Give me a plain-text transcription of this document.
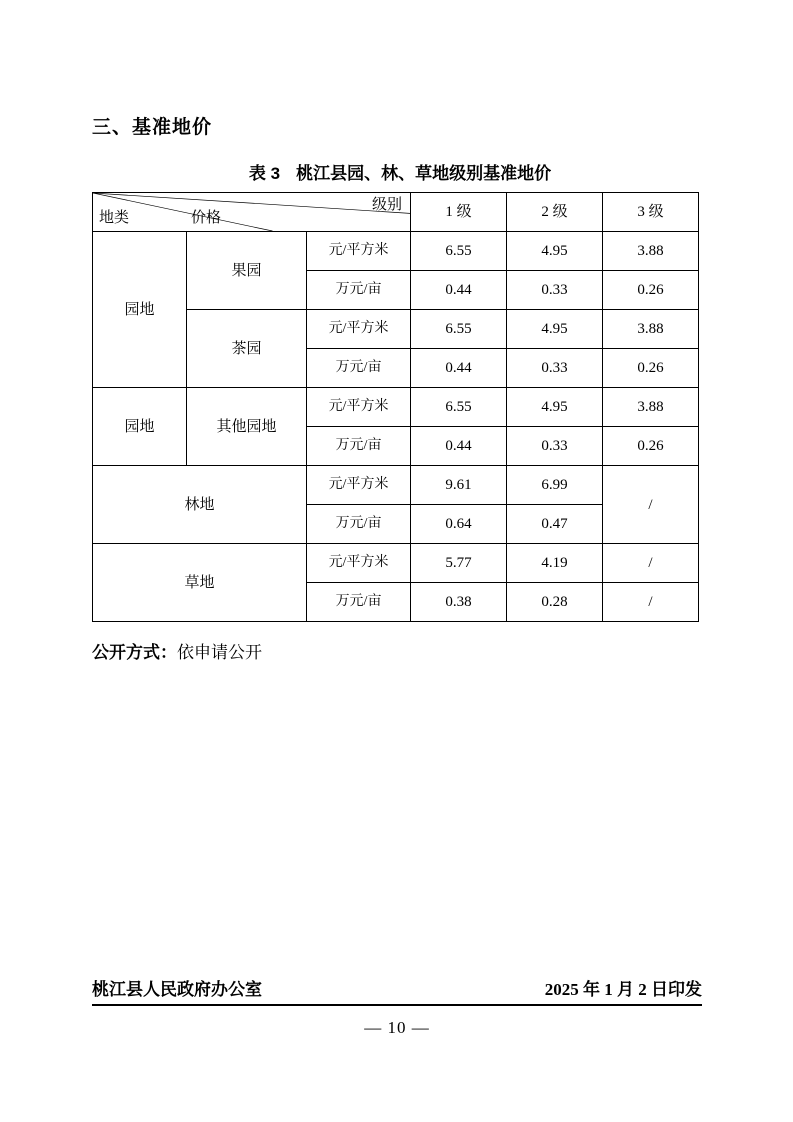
三、基准地价
表 3 桃江县园、林、草地级别基准地价
级别
价格
地类			1 级	2 级	3 级
园地	果园	元/平方米	6.55	4.95	3.88
		万元/亩	0.44	0.33	0.26
	茶园	元/平方米	6.55	4.95	3.88
		万元/亩	0.44	0.33	0.26
园地	其他园地	元/平方米	6.55	4.95	3.88
		万元/亩	0.44	0.33	0.26
林地		元/平方米	9.61	6.99	/
		万元/亩	0.64	0.47	
草地		元/平方米	5.77	4.19	/
		万元/亩	0.38	0.28	/
公开方式：依申请公开
桃江县人民政府办公室	2025 年 1 月 2 日印发
— 10 —
